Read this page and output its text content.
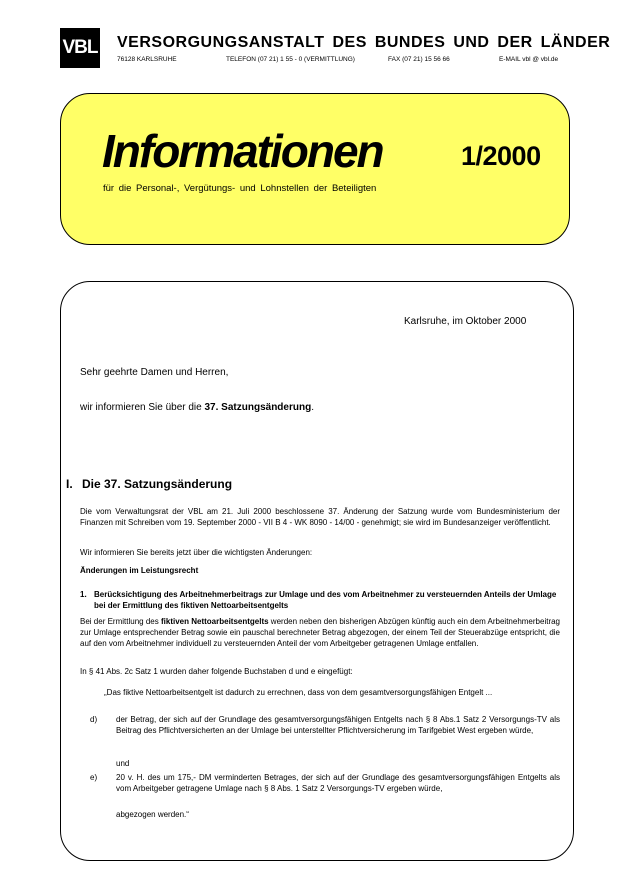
VBL VERSORGUNGSANSTALT DES BUNDES UND DER LÄNDER
76128 KARLSRUHE	TELEFON (07 21) 1 55 - 0 (VERMITTLUNG)	FAX (07 21) 15 56 66	E-MAIL vbl @ vbl.de
Informationen	1/2000
für die Personal-, Vergütungs- und Lohnstellen der Beteiligten
Karlsruhe, im Oktober 2000
Sehr geehrte Damen und Herren,
wir informieren Sie über die 37. Satzungsänderung.
I. Die 37. Satzungsänderung
Die vom Verwaltungsrat der VBL am 21. Juli 2000 beschlossene 37. Änderung der Satzung wurde vom Bundesministerium der Finanzen mit Schreiben vom 19. September 2000 - VII B 4 - WK 8090 - 14/00 - genehmigt; sie wird im Bundesanzeiger veröffentlicht.
Wir informieren Sie bereits jetzt über die wichtigsten Änderungen:
Änderungen im Leistungsrecht
1. Berücksichtigung des Arbeitnehmerbeitrags zur Umlage und des vom Arbeitnehmer zu versteuernden Anteils der Umlage bei der Ermittlung des fiktiven Nettoarbeitsentgelts
Bei der Ermittlung des fiktiven Nettoarbeitsentgelts werden neben den bisherigen Abzügen künftig auch ein dem Arbeitnehmerbeitrag zur Umlage entsprechender Betrag sowie ein pauschal berechneter Betrag abgezogen, der einem Teil der Steuerabzüge entspricht, die auf den vom Arbeitnehmer individuell zu versteuernden Anteil der vom Arbeitgeber getragenen Umlage entfallen.
In § 41 Abs. 2c Satz 1 wurden daher folgende Buchstaben d und e eingefügt:
„Das fiktive Nettoarbeitsentgelt ist dadurch zu errechnen, dass von dem gesamtversorgungsfähigen Entgelt ...
d) der Betrag, der sich auf der Grundlage des gesamtversorgungsfähigen Entgelts nach § 8 Abs.1 Satz 2 Versorgungs-TV als Beitrag des Pflichtversicherten an der Umlage bei unterstellter Pflichtversicherung im Tarifgebiet West ergeben würde,
und
e) 20 v. H. des um 175,- DM verminderten Betrages, der sich auf der Grundlage des gesamtversorgungsfähigen Entgelts als vom Arbeitgeber getragene Umlage nach § 8 Abs. 1 Satz 2 Versorgungs-TV ergeben würde,
abgezogen werden.“
